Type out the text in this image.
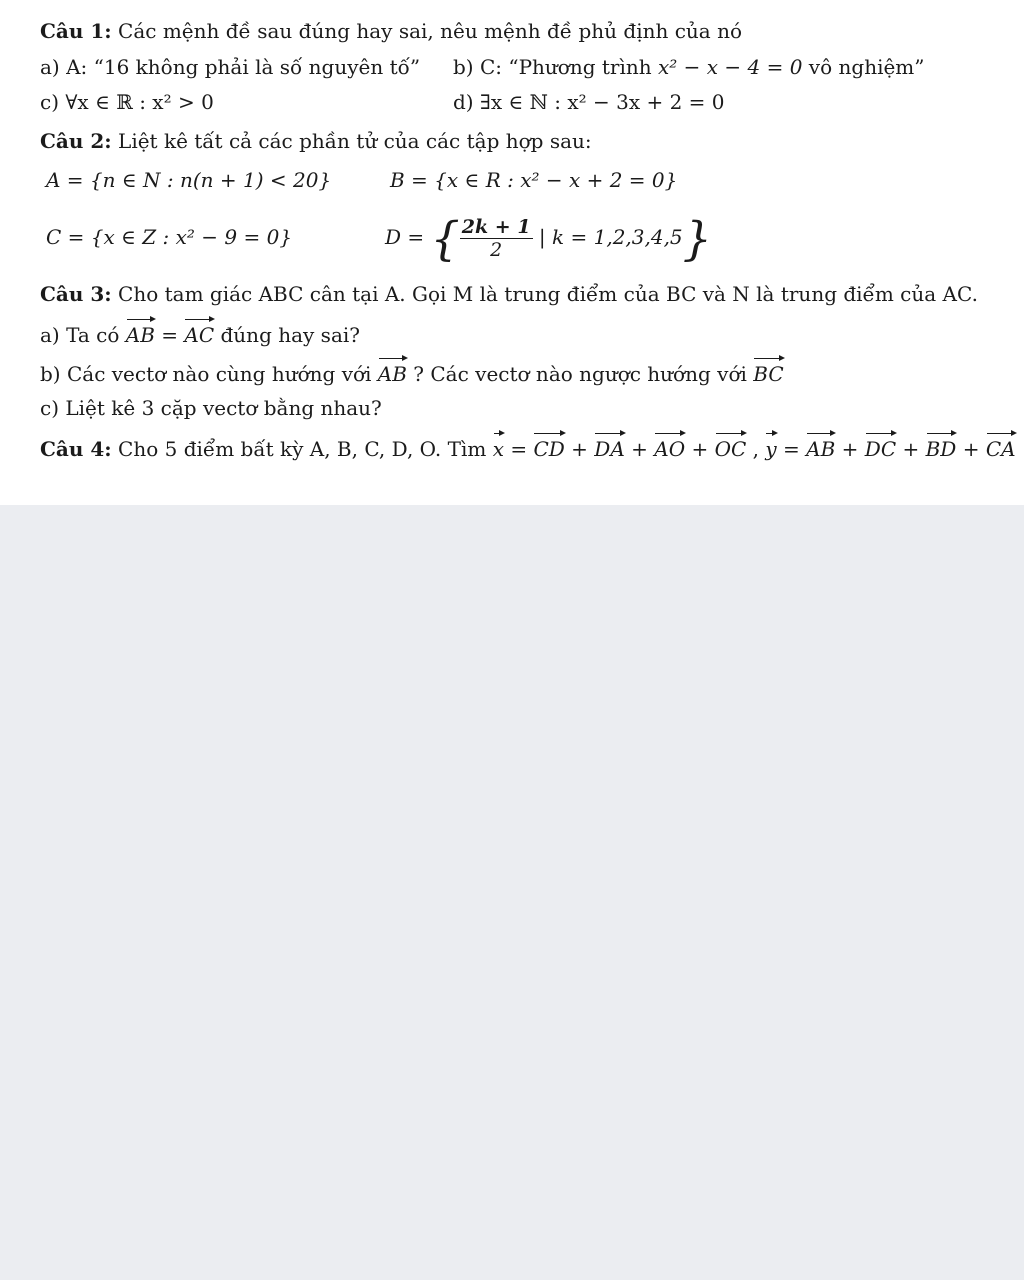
Câu 1: Các mệnh đề sau đúng hay sai, nêu mệnh đề phủ định của nó
a) A: “16 không phải là số nguyên tố” b) C: “Phương trình x² − x − 4 = 0 vô nghiệm”
c) ∀x ∈ ℝ : x² > 0	d) ∃x ∈ ℕ : x² − 3x + 2 = 0
Câu 2: Liệt kê tất cả các phần tử của các tập hợp sau:
A = {n ∈ N : n(n + 1) < 20}	B = {x ∈ R : x² − x + 2 = 0}
C = {x ∈ Z : x² − 9 = 0}	D = { $\frac{2k + 1}{2}$ | k = 1,2,3,4,5}
Câu 3: Cho tam giác ABC cân tại A. Gọi M là trung điểm của BC và N là trung điểm của AC.
a) Ta có AB = AC đúng hay sai?
b) Các vectơ nào cùng hướng với AB ? Các vectơ nào ngược hướng với BC
c) Liệt kê 3 cặp vectơ bằng nhau?
Câu 4: Cho 5 điểm bất kỳ A, B, C, D, O. Tìm x = CD + DA + AO + OC , y = AB + DC + BD + CA
